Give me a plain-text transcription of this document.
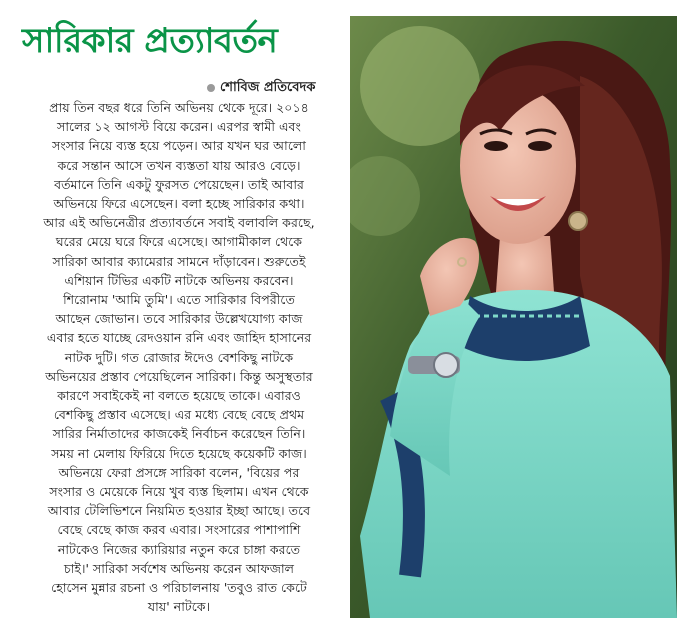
সারিকার প্রত্যাবর্তন
শোবিজ প্রতিবেদক
প্রায় তিন বছর ধরে তিনি অভিনয় থেকে দূরে। ২০১৪
সালের ১২ আগস্ট বিয়ে করেন। এরপর স্বামী এবং
সংসার নিয়ে ব্যস্ত হয়ে পড়েন। আর যখন ঘর আলো
করে সন্তান আসে তখন ব্যস্ততা যায় আরও বেড়ে।
বর্তমানে তিনি একটু ফুরসত পেয়েছেন। তাই আবার
অভিনয়ে ফিরে এসেছেন। বলা হচ্ছে সারিকার কথা।
আর এই অভিনেত্রীর প্রত্যাবর্তনে সবাই বলাবলি করছে,
ঘরের মেয়ে ঘরে ফিরে এসেছে। আগামীকাল থেকে
সারিকা আবার ক্যামেরার সামনে দাঁড়াবেন। শুরুতেই
এশিয়ান টিভির একটি নাটকে অভিনয় করবেন।
শিরোনাম 'আমি তুমি'। এতে সারিকার বিপরীতে
আছেন জোভান। তবে সারিকার উল্লেখযোগ্য কাজ
এবার হতে যাচ্ছে রেদওয়ান রনি এবং জাহিদ হাসানের
নাটক দুটি। গত রোজার ঈদেও বেশকিছু নাটকে
অভিনয়ের প্রস্তাব পেয়েছিলেন সারিকা। কিন্তু অসুস্থতার
কারণে সবাইকেই না বলতে হয়েছে তাকে। এবারও
বেশকিছু প্রস্তাব এসেছে। এর মধ্যে বেছে বেছে প্রথম
সারির নির্মাতাদের কাজকেই নির্বাচন করেছেন তিনি।
সময় না মেলায় ফিরিয়ে দিতে হয়েছে কয়েকটি কাজ।
অভিনয়ে ফেরা প্রসঙ্গে সারিকা বলেন, 'বিয়ের পর
সংসার ও মেয়েকে নিয়ে খুব ব্যস্ত ছিলাম। এখন থেকে
আবার টেলিভিশনে নিয়মিত হওয়ার ইচ্ছা আছে। তবে
বেছে বেছে কাজ করব এবার। সংসারের পাশাপাশি
নাটকেও নিজের ক্যারিয়ার নতুন করে চাঙ্গা করতে
চাই।' সারিকা সর্বশেষ অভিনয় করেন আফজাল
হোসেন মুন্নার রচনা ও পরিচালনায় 'তবুও রাত কেটে
যায়' নাটকে।
